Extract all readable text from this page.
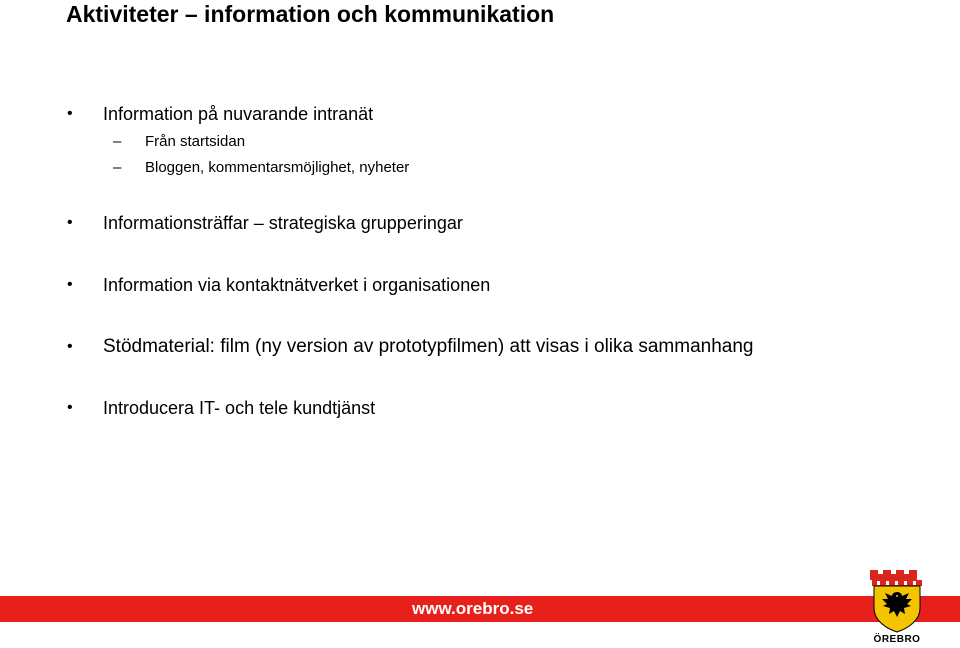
Aktiviteter – information och kommunikation
• Information på nuvarande intranät
– Från startsidan
– Bloggen, kommentarsmöjlighet, nyheter
• Informationsträffar – strategiska grupperingar
• Information via kontaktnätverket i organisationen
• Stödmaterial: film (ny version av prototypfilmen) att visas i olika sammanhang
• Introducera IT- och tele kundtjänst
www.orebro.se
ÖREBRO
